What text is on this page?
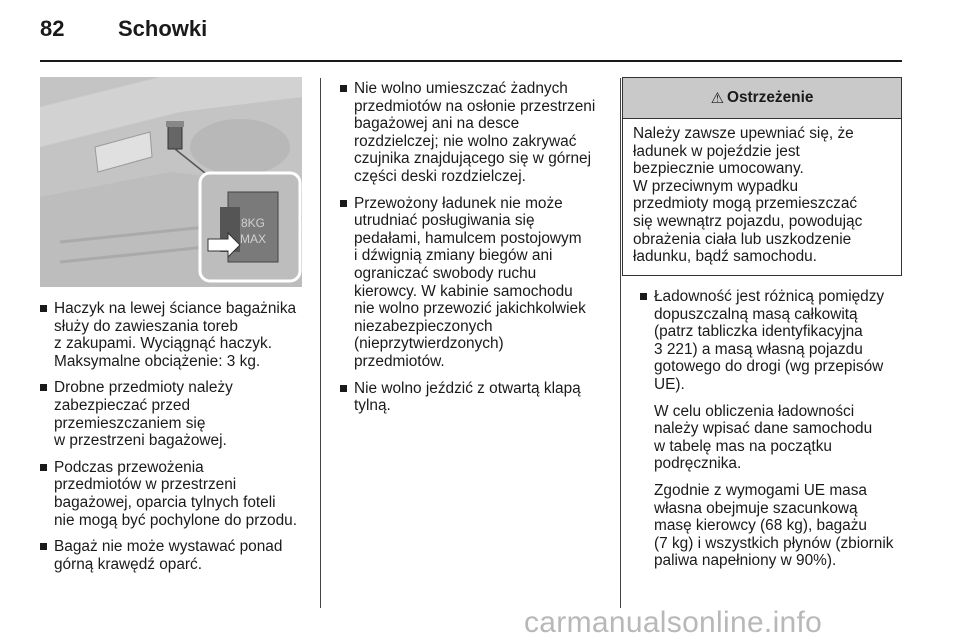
82 Schowki
8KG
MAX
Haczyk na lewej ściance bagażnika
służy do zawieszania toreb
z zakupami. Wyciągnąć haczyk.
Maksymalne obciążenie: 3 kg.
Drobne przedmioty należy
zabezpieczać przed
przemieszczaniem się
w przestrzeni bagażowej.
Podczas przewożenia
przedmiotów w przestrzeni
bagażowej, oparcia tylnych foteli
nie mogą być pochylone do przodu.
Bagaż nie może wystawać ponad
górną krawędź oparć.
Nie wolno umieszczać żadnych
przedmiotów na osłonie przestrzeni
bagażowej ani na desce
rozdzielczej; nie wolno zakrywać
czujnika znajdującego się w górnej
części deski rozdzielczej.
Przewożony ładunek nie może
utrudniać posługiwania się
pedałami, hamulcem postojowym
i dźwignią zmiany biegów ani
ograniczać swobody ruchu
kierowcy. W kabinie samochodu
nie wolno przewozić jakichkolwiek
niezabezpieczonych
(nieprzytwierdzonych)
przedmiotów.
Nie wolno jeździć z otwartą klapą
tylną.
⚠ Ostrzeżenie
Należy zawsze upewniać się, że
ładunek w pojeździe jest
bezpiecznie umocowany.
W przeciwnym wypadku
przedmioty mogą przemieszczać
się wewnątrz pojazdu, powodując
obrażenia ciała lub uszkodzenie
ładunku, bądź samochodu.
Ładowność jest różnicą pomiędzy
dopuszczalną masą całkowitą
(patrz tabliczka identyfikacyjna
3 221) a masą własną pojazdu
gotowego do drogi (wg przepisów
UE).
W celu obliczenia ładowności
należy wpisać dane samochodu
w tabelę mas na początku
podręcznika.
Zgodnie z wymogami UE masa
własna obejmuje szacunkową
masę kierowcy (68 kg), bagażu
(7 kg) i wszystkich płynów (zbiornik
paliwa napełniony w 90%).
carmanualsonline.info
